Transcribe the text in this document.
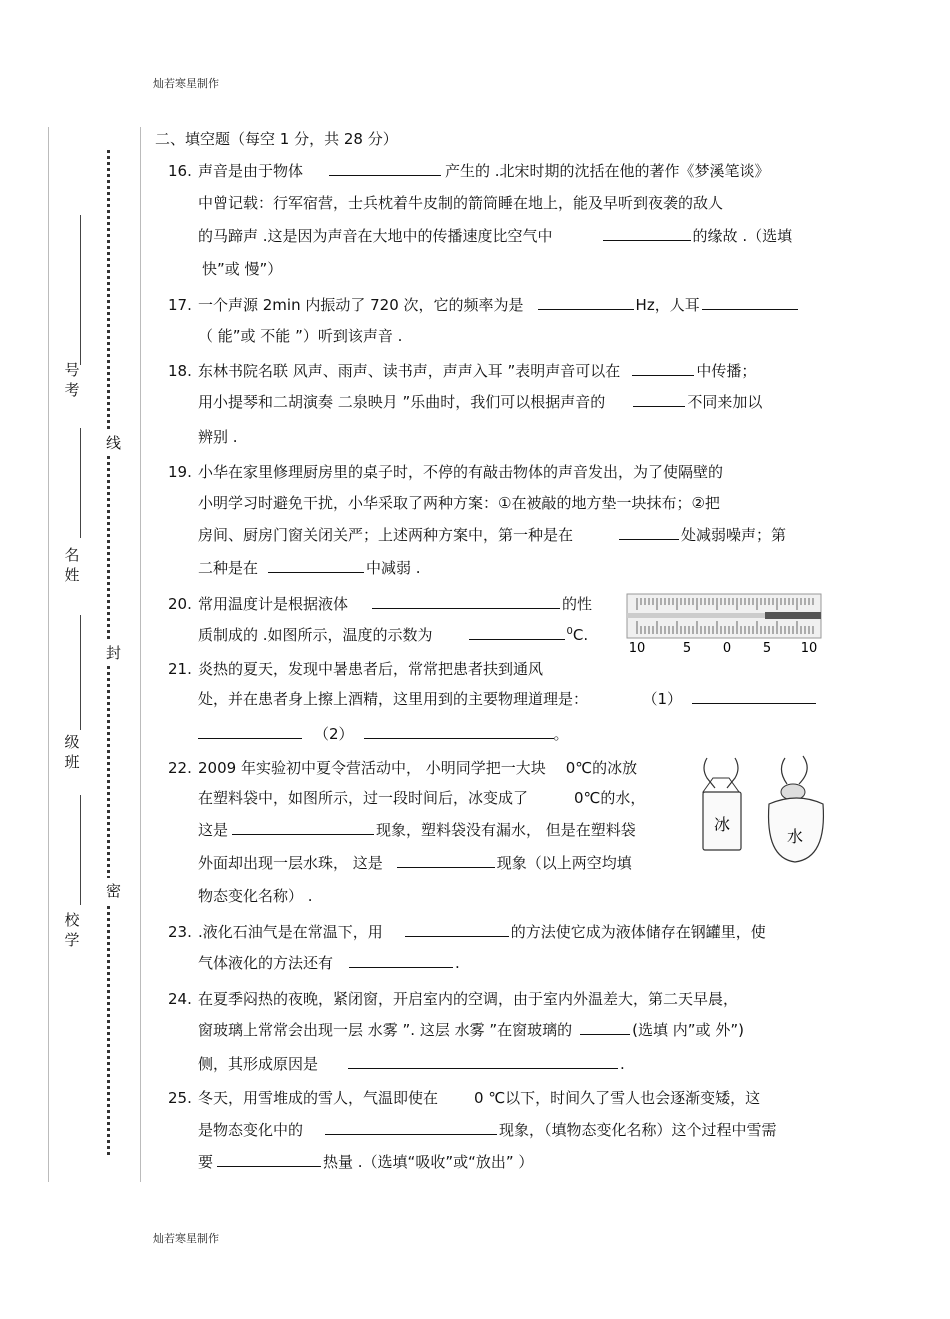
灿若寒星制作
灿若寒星制作
号考
名姓
级班
校学
线
封
密
二、填空题（每空 1 分，共 28 分）
16. 声音是由于物体	产生的 .北宋时期的沈括在他的著作《梦溪笔谈》
中曾记载：行军宿营，士兵枕着牛皮制的箭筒睡在地上，能及早听到夜袭的敌人
的马蹄声 .这是因为声音在大地中的传播速度比空气中	的缘故 .（选填
快”或 慢”）
17. 一个声源 2min 内振动了 720 次，它的频率为是	Hz，人耳
（ 能”或 不能 ”）听到该声音 .
18. 东林书院名联 风声、雨声、读书声，声声入耳 ”表明声音可以在	中传播；
用小提琴和二胡演奏 二泉映月 ”乐曲时，我们可以根据声音的	不同来加以
辨别 .
19. 小华在家里修理厨房里的桌子时，不停的有敲击物体的声音发出，为了使隔壁的
小明学习时避免干扰，小华采取了两种方案：①在被敲的地方垫一块抹布；②把
房间、厨房门窗关闭关严；上述两种方案中，第一种是在	处减弱噪声；第
二种是在	中减弱 .
20. 常用温度计是根据液体	的性
质制成的 .如图所示，温度的示数为	$^0$C.
10	5 0 5 10
21. 炎热的夏天，发现中暑患者后，常常把患者扶到通风
处，并在患者身上擦上酒精，这里用到的主要物理道理是：	（1）
（2）	。
22. 2009 年实验初中夏令营活动中， 小明同学把一大块 0℃的冰放
在塑料袋中，如图所示，过一段时间后，冰变成了	0℃的水，
这是	现象，塑料袋没有漏水， 但是在塑料袋
外面却出现一层水珠， 这是	现象（以上两空均填
物态变化名称） .
冰
水
23. .液化石油气是在常温下，用	的方法使它成为液体储存在钢罐里，使
气体液化的方法还有	.
24. 在夏季闷热的夜晚，紧闭窗，开启室内的空调，由于室内外温差大，第二天早晨，
窗玻璃上常常会出现一层 水雾 ”. 这层 水雾 ”在窗玻璃的	(选填 内”或 外”)
侧，其形成原因是	.
25. 冬天，用雪堆成的雪人，气温即使在 0 ℃以下，时间久了雪人也会逐渐变矮，这
是物态变化中的	现象，（填物态变化名称）这个过程中雪需
要	热量 .（选填“吸收”或“放出” ）
